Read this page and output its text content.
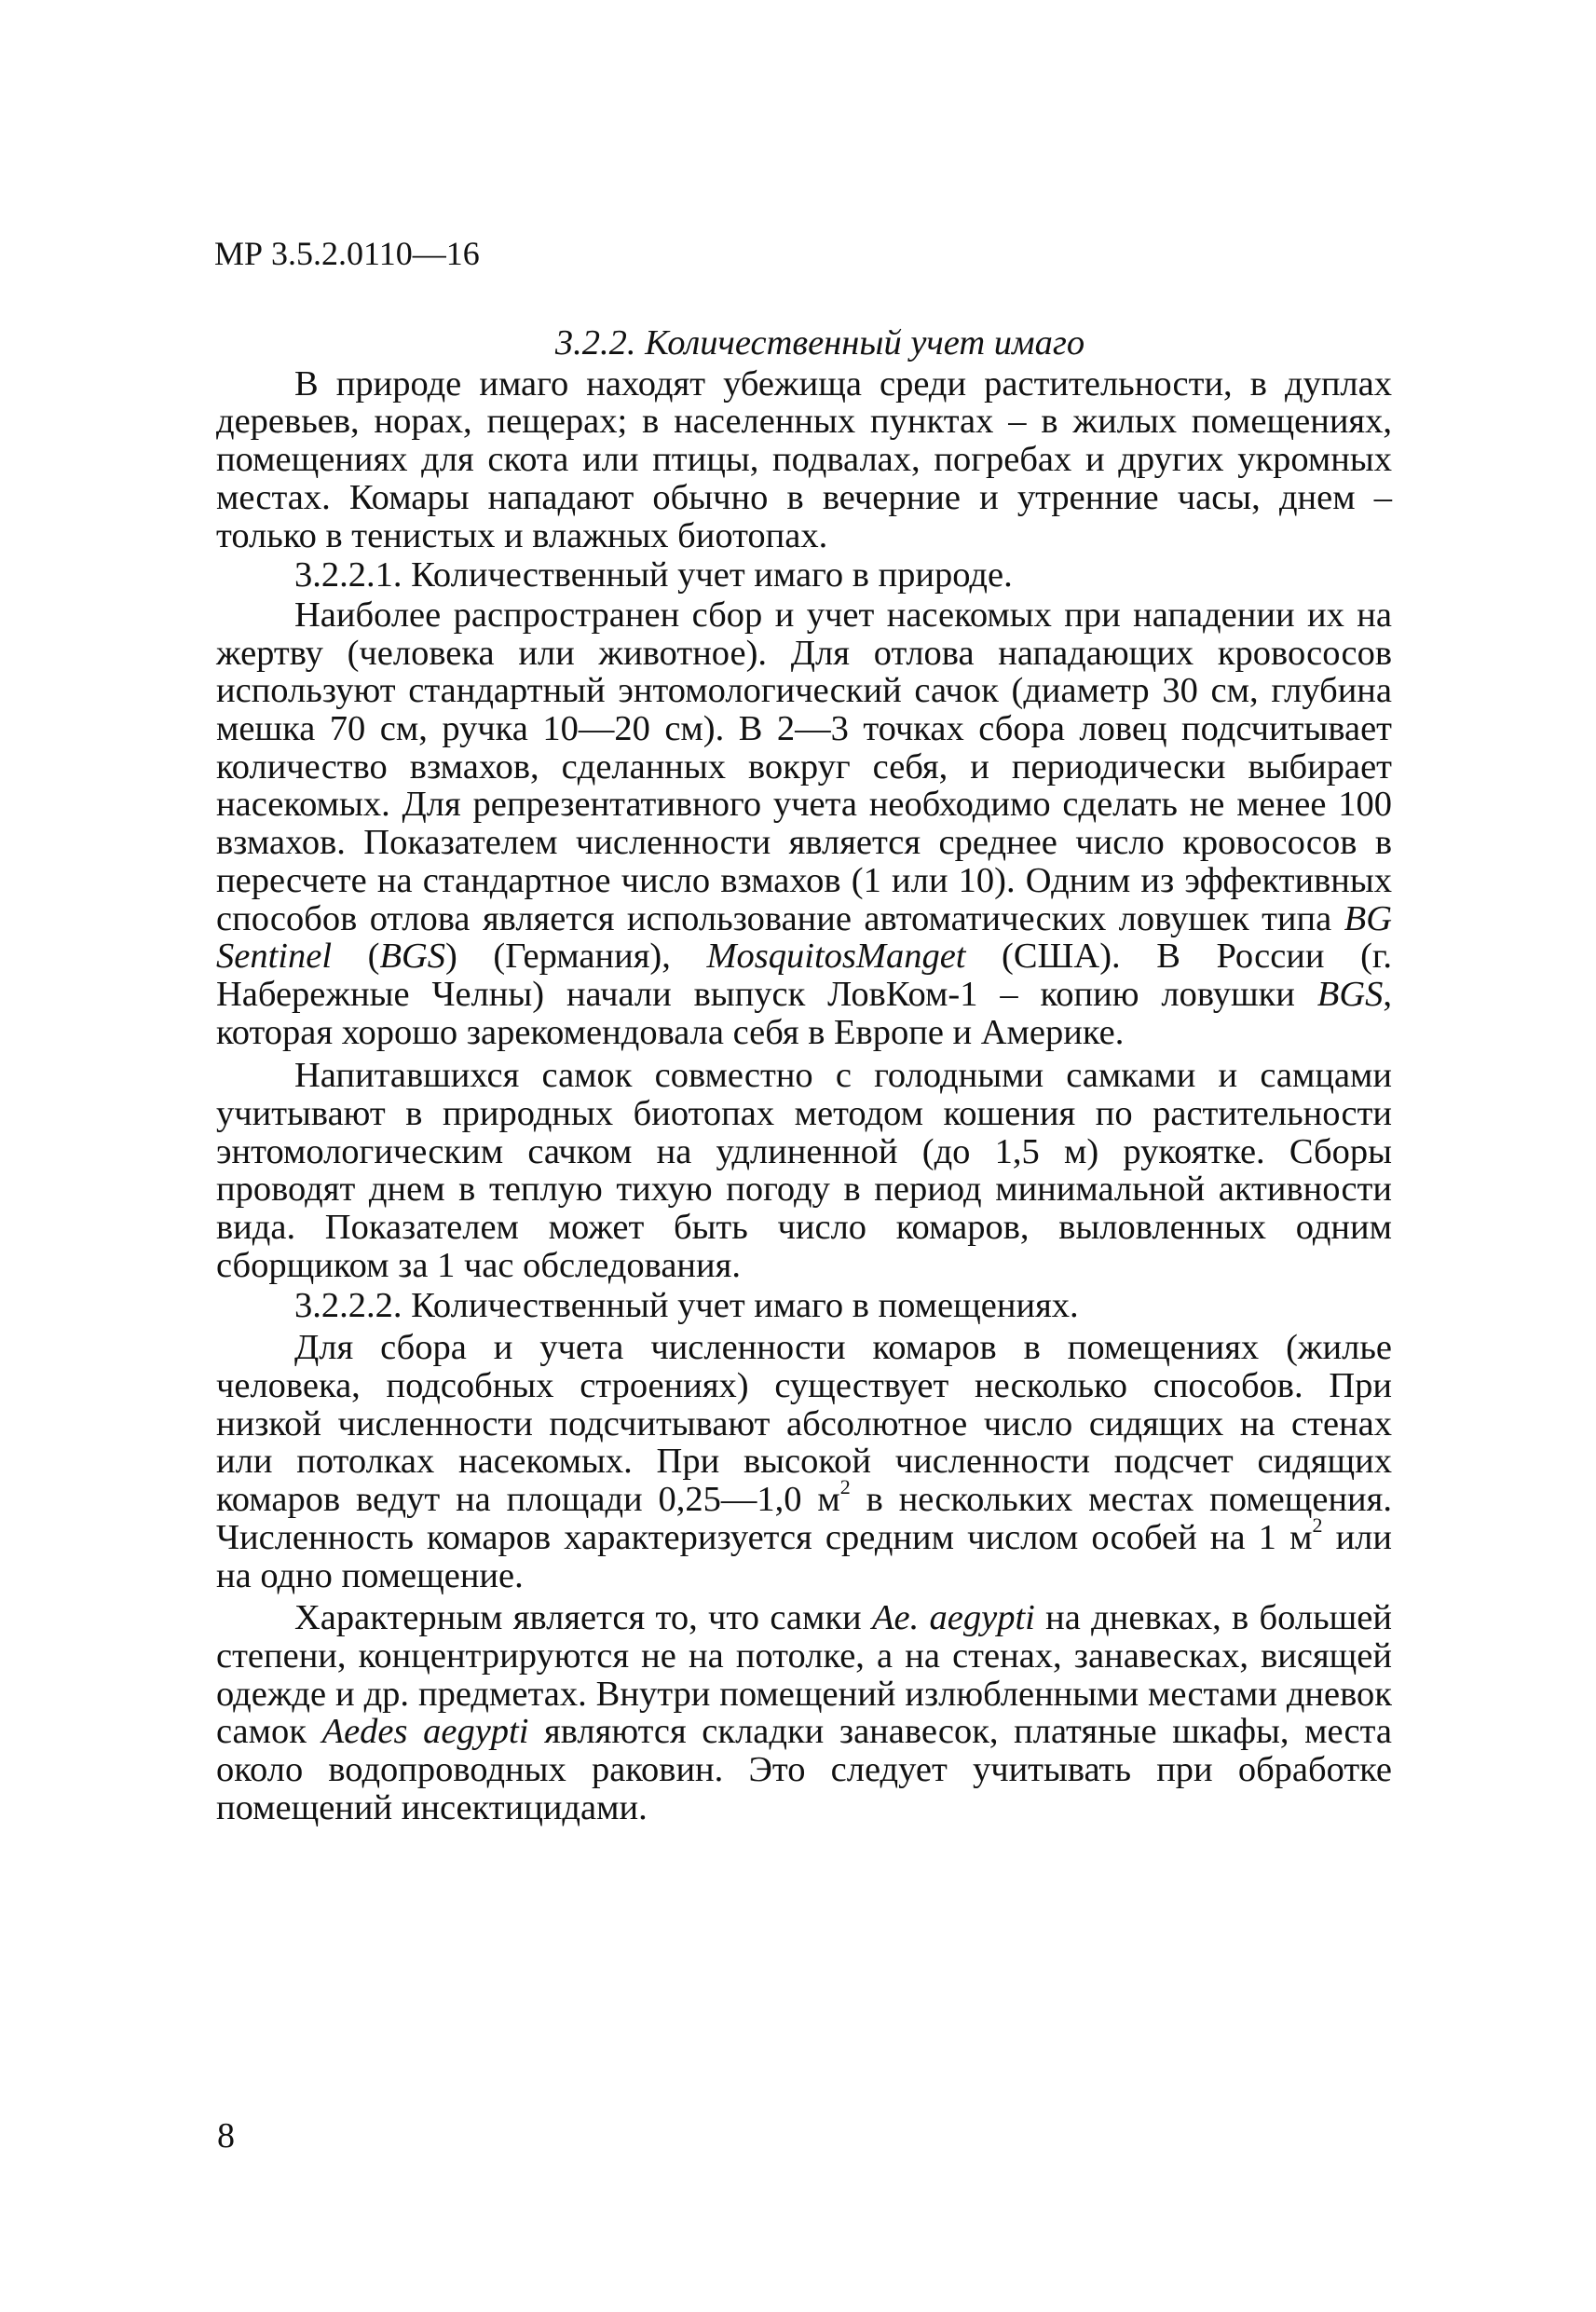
МР 3.5.2.0110—16

3.2.2. Количественный учет имаго

В природе имаго находят убежища среди растительности, в дуплах деревьев, норах, пещерах; в населенных пунктах – в жилых помещениях, помещениях для скота или птицы, подвалах, погребах и других укромных местах. Комары нападают обычно в вечерние и утренние часы, днем – только в тенистых и влажных биотопах.

3.2.2.1. Количественный учет имаго в природе.

Наиболее распространен сбор и учет насекомых при нападении их на жертву (человека или животное). Для отлова нападающих кровососов используют стандартный энтомологический сачок (диаметр 30 см, глубина мешка 70 см, ручка 10—20 см). В 2—3 точках сбора ловец подсчитывает количество взмахов, сделанных вокруг себя, и периодически выбирает насекомых. Для репрезентативного учета необходимо сделать не менее 100 взмахов. Показателем численности является среднее число кровососов в пересчете на стандартное число взмахов (1 или 10). Одним из эффективных способов отлова является использование автоматических ловушек типа BG Sentinel (BGS) (Германия), MosquitosManget (США). В России (г. Набережные Челны) начали выпуск ЛовКом-1 – копию ловушки BGS, которая хорошо зарекомендовала себя в Европе и Америке.

Напитавшихся самок совместно с голодными самками и самцами учитывают в природных биотопах методом кошения по растительности энтомологическим сачком на удлиненной (до 1,5 м) рукоятке. Сборы проводят днем в теплую тихую погоду в период минимальной активности вида. Показателем может быть число комаров, выловленных одним сборщиком за 1 час обследования.

3.2.2.2. Количественный учет имаго в помещениях.

Для сбора и учета численности комаров в помещениях (жилье человека, подсобных строениях) существует несколько способов. При низкой численности подсчитывают абсолютное число сидящих на стенах или потолках насекомых. При высокой численности подсчет сидящих комаров ведут на площади 0,25—1,0 $м^2$ в нескольких местах помещения. Численность комаров характеризуется средним числом особей на 1 $м^2$ или на одно помещение.

Характерным является то, что самки Ae. aegypti на дневках, в большей степени, концентрируются не на потолке, а на стенах, занавесках, висящей одежде и др. предметах. Внутри помещений излюбленными местами дневок самок Aedes aegypti являются складки занавесок, платяные шкафы, места около водопроводных раковин. Это следует учитывать при обработке помещений инсектицидами.

8
